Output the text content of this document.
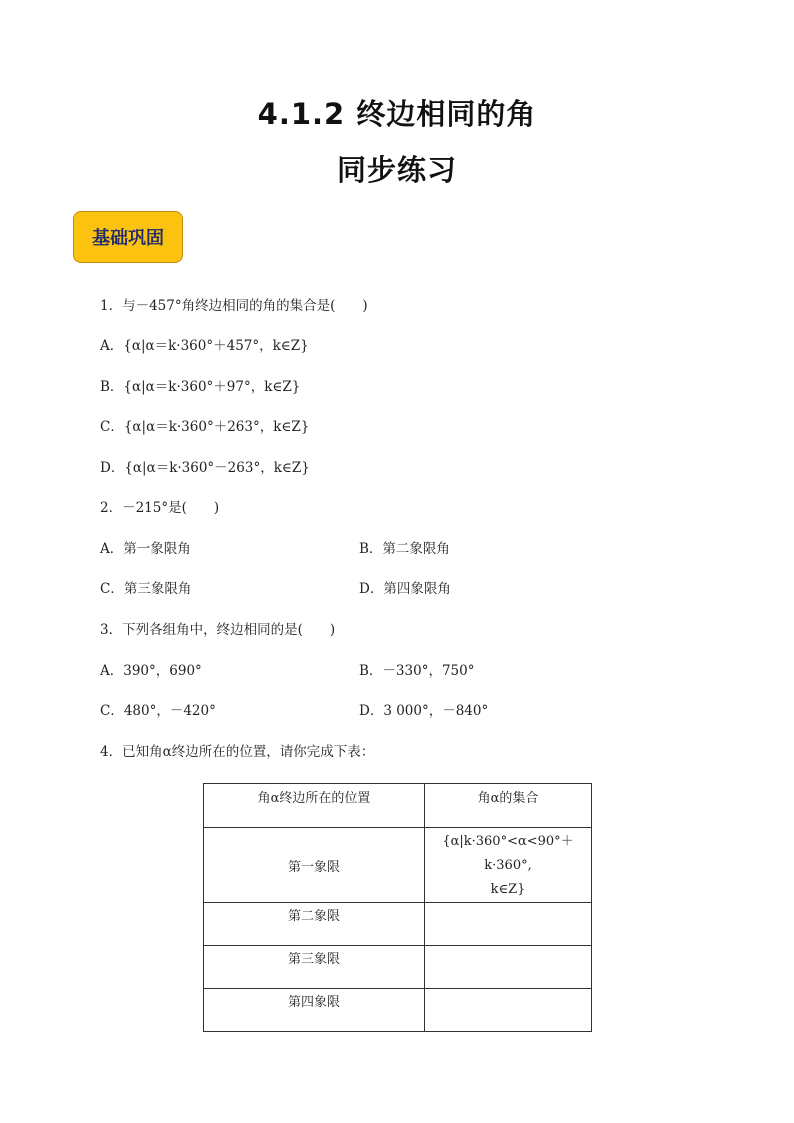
4.1.2 终边相同的角
同步练习
基础巩固
1．与－457°角终边相同的角的集合是(　　)
A．{α|α＝k·360°＋457°，k∈Z}
B．{α|α＝k·360°＋97°，k∈Z}
C．{α|α＝k·360°＋263°，k∈Z}
D．{α|α＝k·360°－263°，k∈Z}
2．－215°是(　　)
A．第一象限角	B．第二象限角
C．第三象限角	D．第四象限角
3．下列各组角中，终边相同的是(　　)
A．390°，690°	B．－330°，750°
C．480°，－420°	D．3 000°，－840°
4．已知角α终边所在的位置，请你完成下表：
角α终边所在的位置	角α的集合
第一象限	{α|k·360°<α<90°＋k·360°,
k∈Z}

第二象限	
第三象限	
第四象限	
